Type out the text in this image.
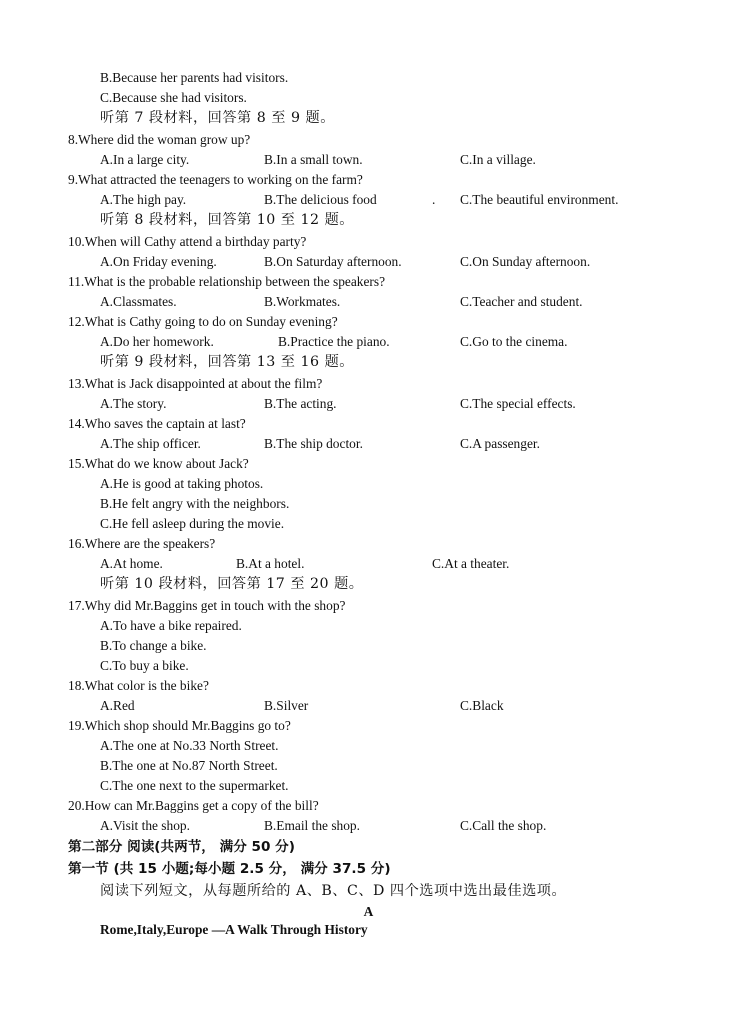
B.Because her parents had visitors.
C.Because she had visitors.
听第 7 段材料，回答第 8 至 9 题。
8.Where did the woman grow up?
A.In a large city.	B.In a small town.	C.In a village.
9.What attracted the teenagers to working on the farm?
A.The high pay.	B.The delicious food	. C.The beautiful environment.
听第 8 段材料，回答第 10 至 12 题。
10.When will Cathy attend a birthday party?
A.On Friday evening.	B.On Saturday afternoon.	C.On Sunday afternoon.
11.What is the probable relationship between the speakers?
A.Classmates.	B.Workmates.	C.Teacher and student.
12.What is Cathy going to do on Sunday evening?
A.Do her homework.	B.Practice the piano.	C.Go to the cinema.
听第 9 段材料，回答第 13 至 16 题。
13.What is Jack disappointed at about the film?
A.The story.	B.The acting.	C.The special effects.
14.Who saves the captain at last?
A.The ship officer.	B.The ship doctor.	C.A passenger.
15.What do we know about Jack?
A.He is good at taking photos.
B.He felt angry with the neighbors.
C.He fell asleep during the movie.
16.Where are the speakers?
A.At home.	B.At a hotel.	C.At a theater.
听第 10 段材料，回答第 17 至 20 题。
17.Why did Mr.Baggins get in touch with the shop?
A.To have a bike repaired.
B.To change a bike.
C.To buy a bike.
18.What color is the bike?
A.Red	B.Silver	C.Black
19.Which shop should Mr.Baggins go to?
A.The one at No.33 North Street.
B.The one at No.87 North Street.
C.The one next to the supermarket.
20.How can Mr.Baggins get a copy of the bill?
A.Visit the shop.	B.Email the shop.	C.Call the shop.
第二部分 阅读(共两节， 满分 50 分)
第一节 (共 15 小题;每小题 2.5 分， 满分 37.5 分)
阅读下列短文，从每题所给的 A、B、C、D 四个选项中选出最佳选项。
A
Rome,Italy,Europe —A Walk Through History
